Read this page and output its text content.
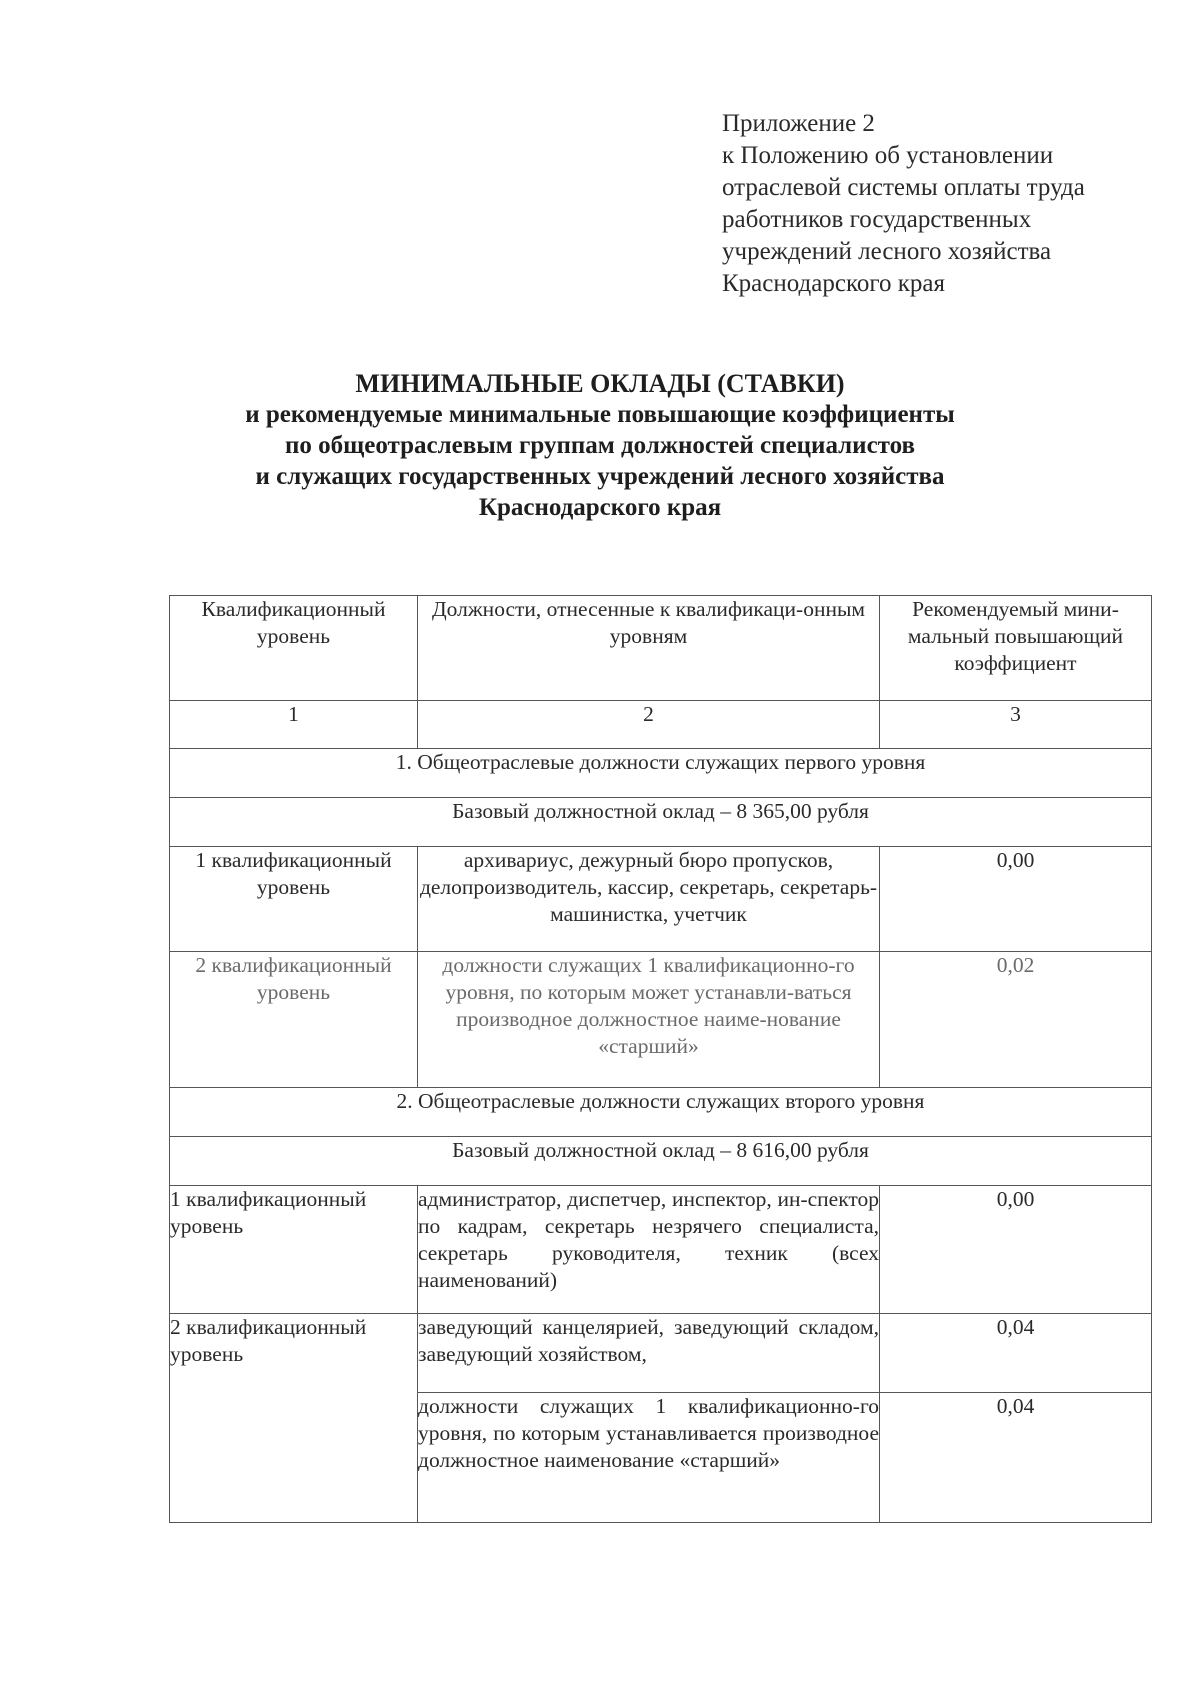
Приложение 2
к Положению об установлении
отраслевой системы оплаты труда
работников государственных
учреждений лесного хозяйства
Краснодарского края
МИНИМАЛЬНЫЕ ОКЛАДЫ (СТАВКИ)
и рекомендуемые минимальные повышающие коэффициенты
по общеотраслевым группам должностей специалистов
и служащих государственных учреждений лесного хозяйства
Краснодарского края
Квалификационный уровень	Должности, отнесенные к квалификаци-онным уровням	Рекомендуемый мини-мальный повышающий коэффициент
1	2	3
1. Общеотраслевые должности служащих первого уровня		
Базовый должностной оклад – 8 365,00 рубля		
1 квалификационный уровень	архивариус, дежурный бюро пропусков, делопроизводитель, кассир, секретарь, секретарь-машинистка, учетчик	0,00
2 квалификационный уровень	должности служащих 1 квалификационно-го уровня, по которым может устанавли-ваться производное должностное наиме-нование «старший»	0,02
2. Общеотраслевые должности служащих второго уровня		
Базовый должностной оклад – 8 616,00 рубля		
1 квалификационный уровень	администратор, диспетчер, инспектор, ин-спектор по кадрам, секретарь незрячего специалиста, секретарь руководителя, техник (всех наименований)	0,00
2 квалификационный уровень	заведующий канцелярией, заведующий складом, заведующий хозяйством,	0,04
	должности служащих 1 квалификационно-го уровня, по которым устанавливается производное должностное наименование «старший»	0,04
